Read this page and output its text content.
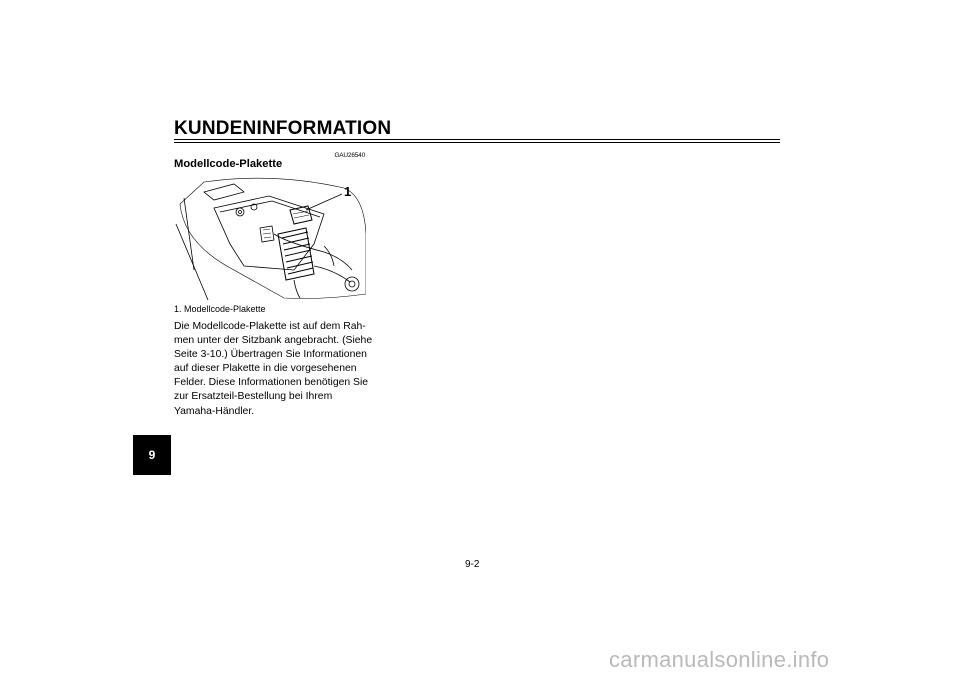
KUNDENINFORMATION
9
GAU26540
Modellcode-Plakette
1
1. Modellcode-Plakette

Die Modellcode-Plakette ist auf dem Rah-
men unter der Sitzbank angebracht. (Siehe
Seite 3-10.) Übertragen Sie Informationen
auf dieser Plakette in die vorgesehenen
Felder. Diese Informationen benötigen Sie
zur Ersatzteil-Bestellung bei Ihrem
Yamaha-Händler.

9-2
carmanualsonline.info
